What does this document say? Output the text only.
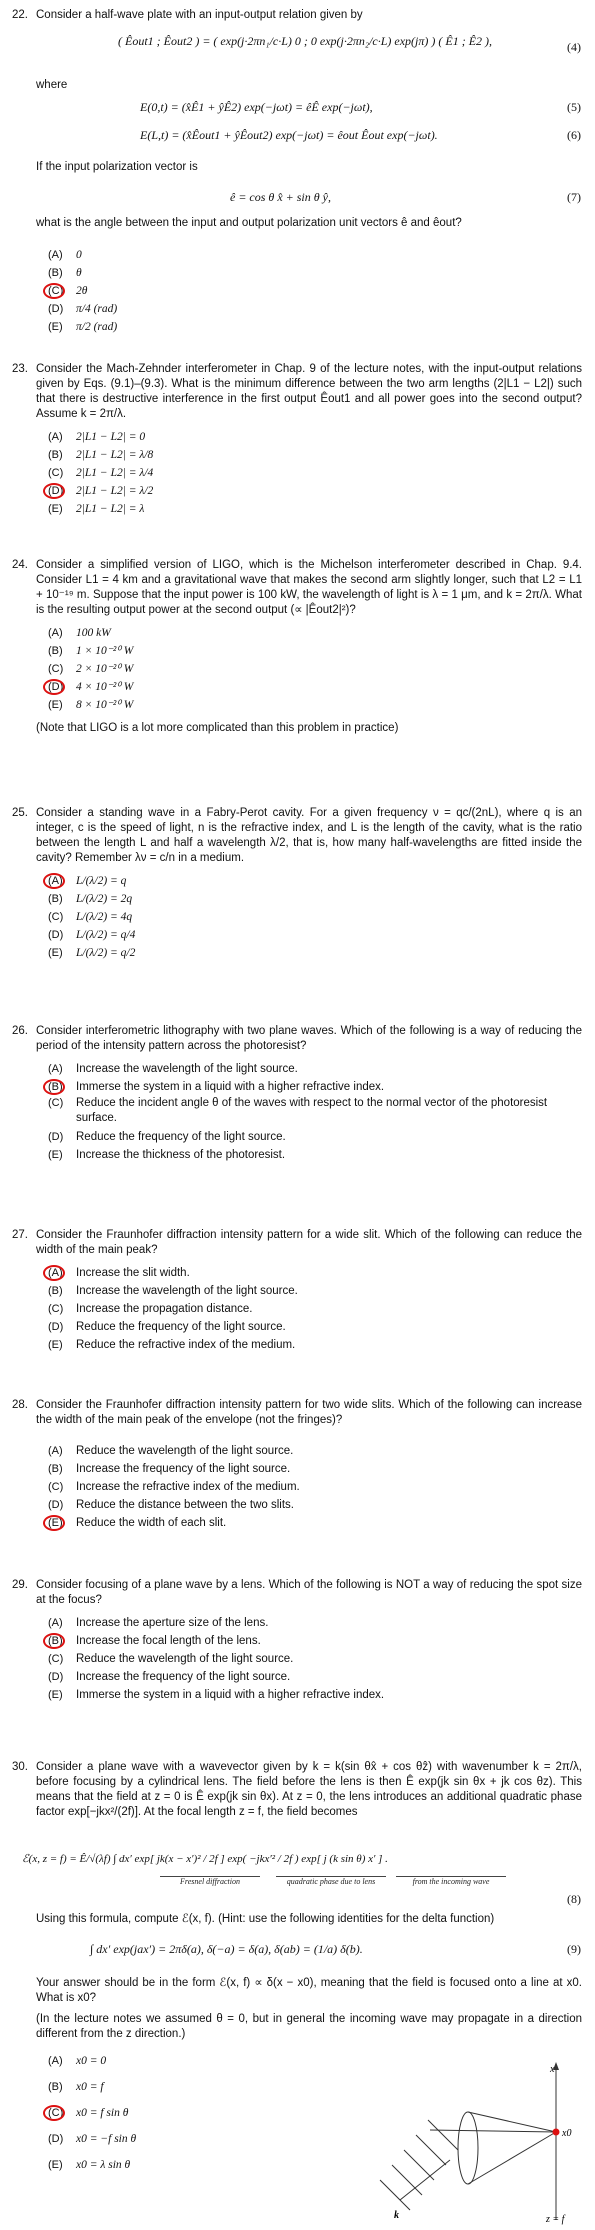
22. Consider a half-wave plate with an input-output relation given by
( Êout1 ; Êout2 ) = ( exp(j·2πn₁/c·L) 0 ; 0 exp(j·2πn₂/c·L) exp(jπ) ) ( Ê1 ; Ê2 ),	(4)
where
E(0,t) = (x̂Ê1 + ŷÊ2) exp(−jωt) = êÊ exp(−jωt),	(5)
E(L,t) = (x̂Êout1 + ŷÊout2) exp(−jωt) = êout Êout exp(−jωt).	(6)
If the input polarization vector is
ê = cos θ x̂ + sin θ ŷ,	(7)
what is the angle between the input and output polarization unit vectors ê and êout?
(A)	0
(B)	θ
(C)	2θ
(D)	π/4 (rad)
(E)	π/2 (rad)
23. Consider the Mach-Zehnder interferometer in Chap. 9 of the lecture notes, with the input-output relations given by Eqs. (9.1)–(9.3). What is the minimum difference between the two arm lengths (2|L1 − L2|) such that there is destructive interference in the first output Êout1 and all power goes into the second output? Assume k = 2π/λ.
(A)	2|L1 − L2| = 0
(B)	2|L1 − L2| = λ/8
(C)	2|L1 − L2| = λ/4
(D)	2|L1 − L2| = λ/2
(E)	2|L1 − L2| = λ
24. Consider a simplified version of LIGO, which is the Michelson interferometer described in Chap. 9.4. Consider L1 = 4 km and a gravitational wave that makes the second arm slightly longer, such that L2 = L1 + 10⁻¹⁹ m. Suppose that the input power is 100 kW, the wavelength of light is λ = 1 μm, and k = 2π/λ. What is the resulting output power at the second output (∝ |Êout2|²)?
(A)	100 kW
(B)	1 × 10⁻²⁰ W
(C)	2 × 10⁻²⁰ W
(D)	4 × 10⁻²⁰ W
(E)	8 × 10⁻²⁰ W
(Note that LIGO is a lot more complicated than this problem in practice)
25. Consider a standing wave in a Fabry-Perot cavity. For a given frequency ν = qc/(2nL), where q is an integer, c is the speed of light, n is the refractive index, and L is the length of the cavity, what is the ratio between the length L and half a wavelength λ/2, that is, how many half-wavelengths are fitted inside the cavity? Remember λν = c/n in a medium.
(A)	L/(λ/2) = q
(B)	L/(λ/2) = 2q
(C)	L/(λ/2) = 4q
(D)	L/(λ/2) = q/4
(E)	L/(λ/2) = q/2
26. Consider interferometric lithography with two plane waves. Which of the following is a way of reducing the period of the intensity pattern across the photoresist?
(A)	Increase the wavelength of the light source.
(B)	Immerse the system in a liquid with a higher refractive index.
(C)	Reduce the incident angle θ of the waves with respect to the normal vector of the photoresist surface.
(D)	Reduce the frequency of the light source.
(E)	Increase the thickness of the photoresist.
27. Consider the Fraunhofer diffraction intensity pattern for a wide slit. Which of the following can reduce the width of the main peak?
(A)	Increase the slit width.
(B)	Increase the wavelength of the light source.
(C)	Increase the propagation distance.
(D)	Reduce the frequency of the light source.
(E)	Reduce the refractive index of the medium.
28. Consider the Fraunhofer diffraction intensity pattern for two wide slits. Which of the following can increase the width of the main peak of the envelope (not the fringes)?
(A)	Reduce the wavelength of the light source.
(B)	Increase the frequency of the light source.
(C)	Increase the refractive index of the medium.
(D)	Reduce the distance between the two slits.
(E)	Reduce the width of each slit.
29. Consider focusing of a plane wave by a lens. Which of the following is NOT a way of reducing the spot size at the focus?
(A)	Increase the aperture size of the lens.
(B)	Increase the focal length of the lens.
(C)	Reduce the wavelength of the light source.
(D)	Increase the frequency of the light source.
(E)	Immerse the system in a liquid with a higher refractive index.
30. Consider a plane wave with a wavevector given by k = k(sin θx̂ + cos θẑ) with wavenumber k = 2π/λ, before focusing by a cylindrical lens. The field before the lens is then Ê exp(jk sin θx + jk cos θz). This means that the field at z = 0 is Ê exp(jk sin θx). At z = 0, the lens introduces an additional quadratic phase factor exp[−jkx²/(2f)]. At the focal length z = f, the field becomes
ℰ(x, z = f) = Ê/√(λf) ∫ dx′ exp[ jk(x − x′)² / 2f ] exp( −jkx′² / 2f ) exp[ j (k sin θ) x′ ] .
Fresnel diffraction	quadratic phase due to lens	from the incoming wave
(8)
Using this formula, compute ℰ(x, f). (Hint: use the following identities for the delta function)
∫ dx′ exp(jax′) = 2πδ(a), δ(−a) = δ(a), δ(ab) = (1/a) δ(b).	(9)
Your answer should be in the form ℰ(x, f) ∝ δ(x − x0), meaning that the field is focused onto a line at x0. What is x0?
(In the lecture notes we assumed θ = 0, but in general the incoming wave may propagate in a direction different from the z direction.)
(A)	x0 = 0
(B)	x0 = f
(C)	x0 = f sin θ
(D)	x0 = −f sin θ
(E)	x0 = λ sin θ
x
x0
z = f
k
